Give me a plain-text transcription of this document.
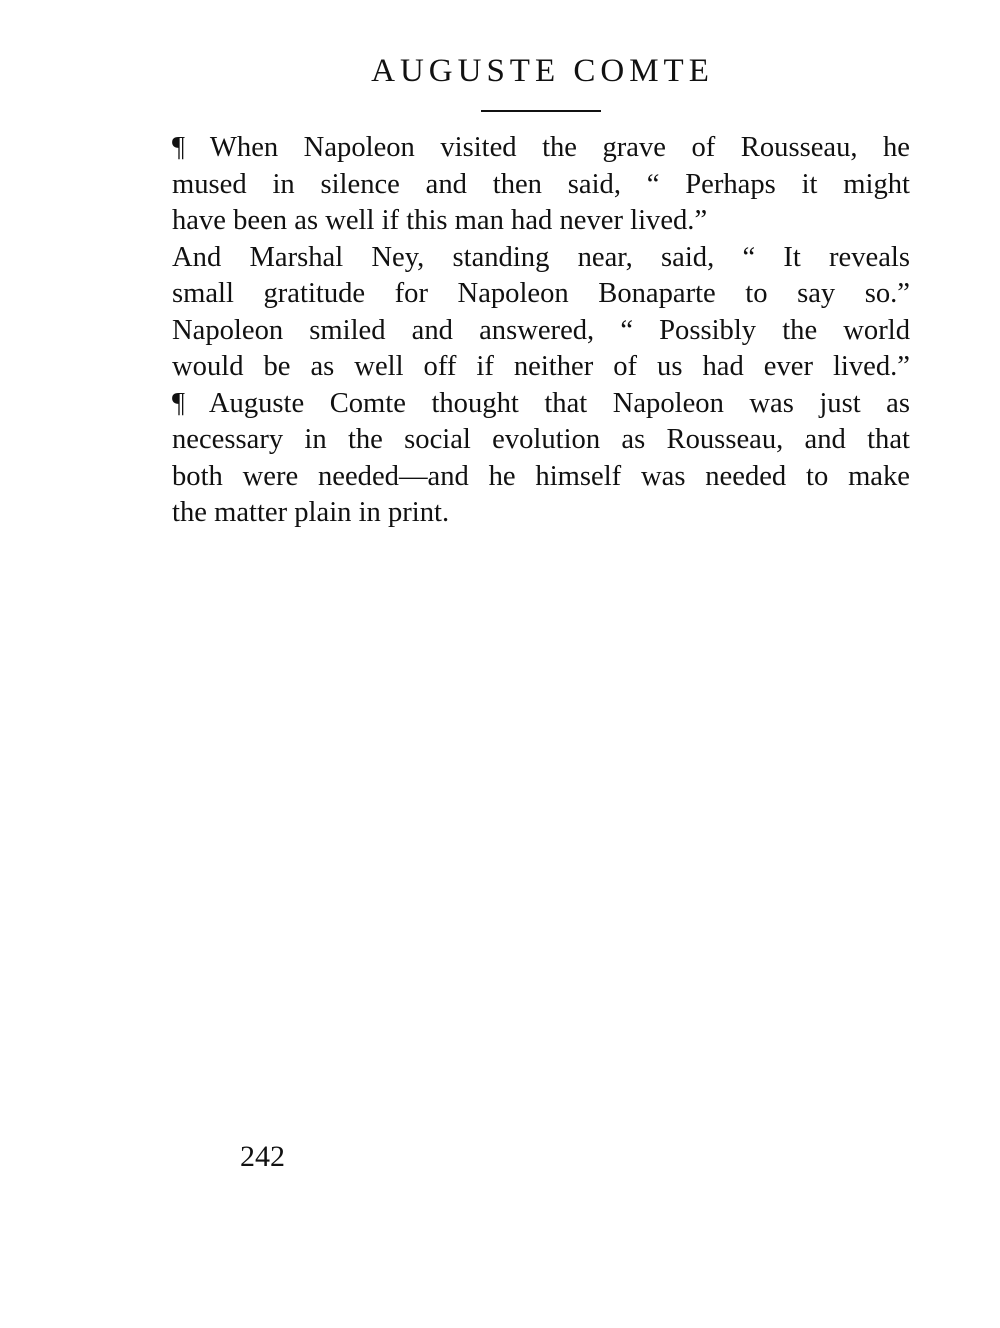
AUGUSTE COMTE
¶ When Napoleon visited the grave of Rousseau, he
mused in silence and then said, “ Perhaps it might
have been as well if this man had never lived.”
And Marshal Ney, standing near, said, “ It reveals
small gratitude for Napoleon Bonaparte to say so.”
Napoleon smiled and answered, “ Possibly the world
would be as well off if neither of us had ever lived.”
¶ Auguste Comte thought that Napoleon was just as
necessary in the social evolution as Rousseau, and that
both were needed—and he himself was needed to make
the matter plain in print.
242
